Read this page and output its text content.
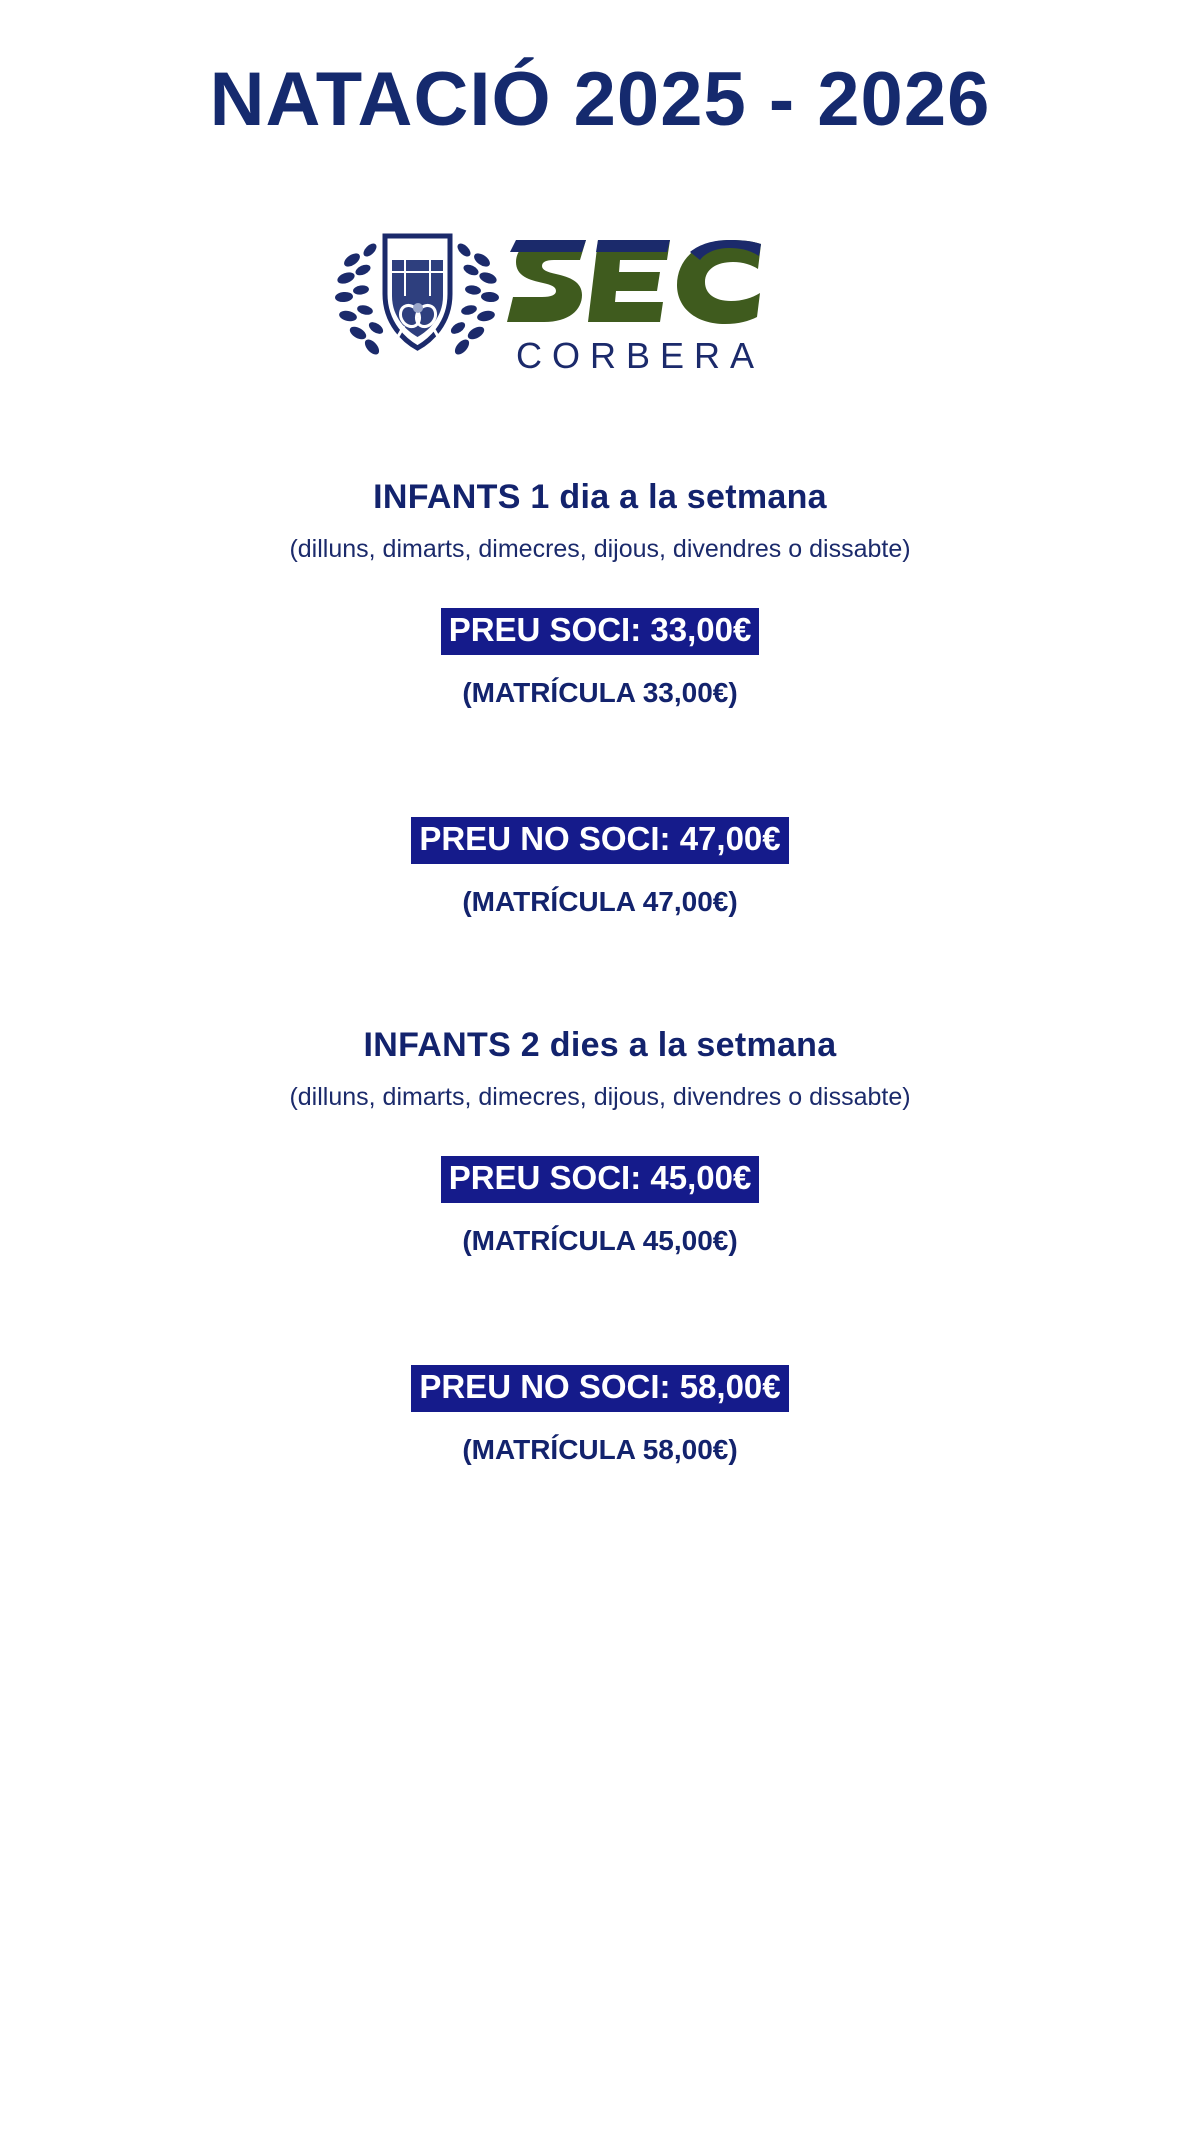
NATACIÓ 2025 - 2026
CORBERA
INFANTS 1 dia a la setmana
(dilluns, dimarts, dimecres, dijous, divendres o dissabte)
PREU SOCI: 33,00€
(MATRÍCULA 33,00€)
PREU NO SOCI: 47,00€
(MATRÍCULA 47,00€)
INFANTS 2 dies a la setmana
(dilluns, dimarts, dimecres, dijous, divendres o dissabte)
PREU SOCI: 45,00€
(MATRÍCULA 45,00€)
PREU NO SOCI: 58,00€
(MATRÍCULA 58,00€)
